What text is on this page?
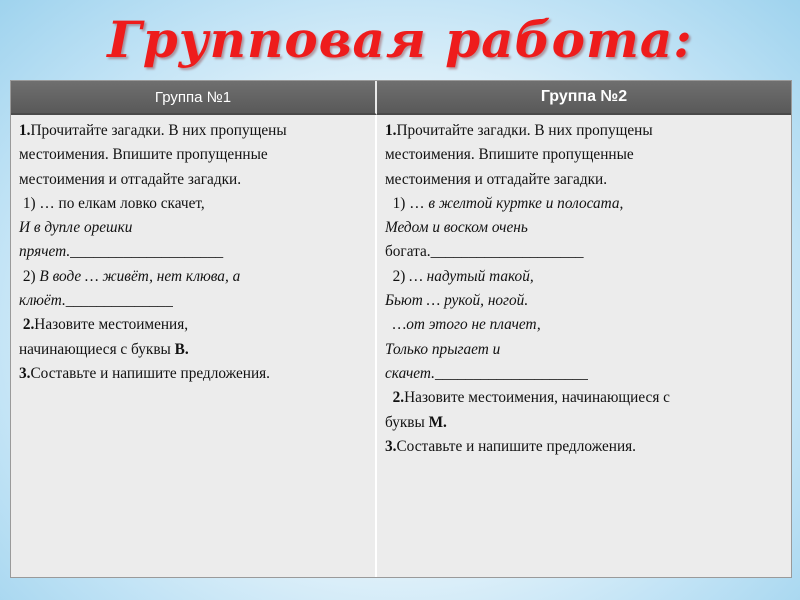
Групповая работа:
Группа №1	Группа №2
1.Прочитайте загадки. В них пропущены
местоимения. Впишите пропущенные
местоимения и отгадайте загадки.
1) … по елкам ловко скачет,
И в дупле орешки
прячет.____________________
2) В воде … живёт, нет клюва, а
клюёт.______________
2.Назовите местоимения,
начинающиеся с буквы В.
3.Составьте и напишите предложения.
1.Прочитайте загадки. В них пропущены
местоимения. Впишите пропущенные
местоимения и отгадайте загадки.
1) … в желтой куртке и полосата,
Медом и воском очень
богата.____________________
2) … надутый такой,
Бьют … рукой, ногой.
…от этого не плачет,
Только прыгает и
скачет.____________________
2.Назовите местоимения, начинающиеся с
буквы М.
3.Составьте и напишите предложения.
